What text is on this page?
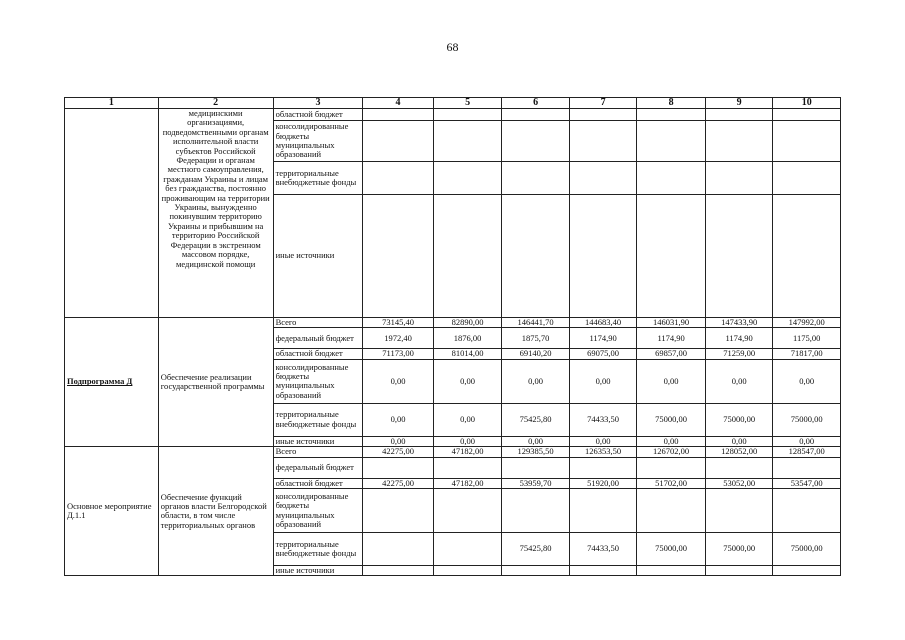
68
1	2	3	4	5	6	7	8	9	10
	медицинскими организациями, подведомственными органам исполнительной власти субъектов Российской Федерации и органам местного самоуправления, гражданам Украины и лицам без гражданства, постоянно проживающим на территории Украины, вынужденно покинувшим территорию Украины и прибывшим на территорию Российской Федерации в экстренном массовом порядке, медицинской помощи	областной бюджет							
		консолидированные бюджеты муниципальных образований							
		территориальные внебюджетные фонды							
		иные источники							
Подпрограмма Д	Обеспечение реализации государственной программы	Всего	73145,40	82890,00	146441,70	144683,40	146031,90	147433,90	147992,00
		федеральный бюджет	1972,40	1876,00	1875,70	1174,90	1174,90	1174,90	1175,00
		областной бюджет	71173,00	81014,00	69140,20	69075,00	69857,00	71259,00	71817,00
		консолидированные бюджеты муниципальных образований	0,00	0,00	0,00	0,00	0,00	0,00	0,00
		территориальные внебюджетные фонды	0,00	0,00	75425,80	74433,50	75000,00	75000,00	75000,00
		иные источники	0,00	0,00	0,00	0,00	0,00	0,00	0,00
Основное мероприятие Д.1.1	Обеспечение функций органов власти Белгородской области, в том числе территориальных органов	Всего	42275,00	47182,00	129385,50	126353,50	126702,00	128052,00	128547,00
		федеральный бюджет							
		областной бюджет	42275,00	47182,00	53959,70	51920,00	51702,00	53052,00	53547,00
		консолидированные бюджеты муниципальных образований							
		территориальные внебюджетные фонды			75425,80	74433,50	75000,00	75000,00	75000,00
		иные источники							
